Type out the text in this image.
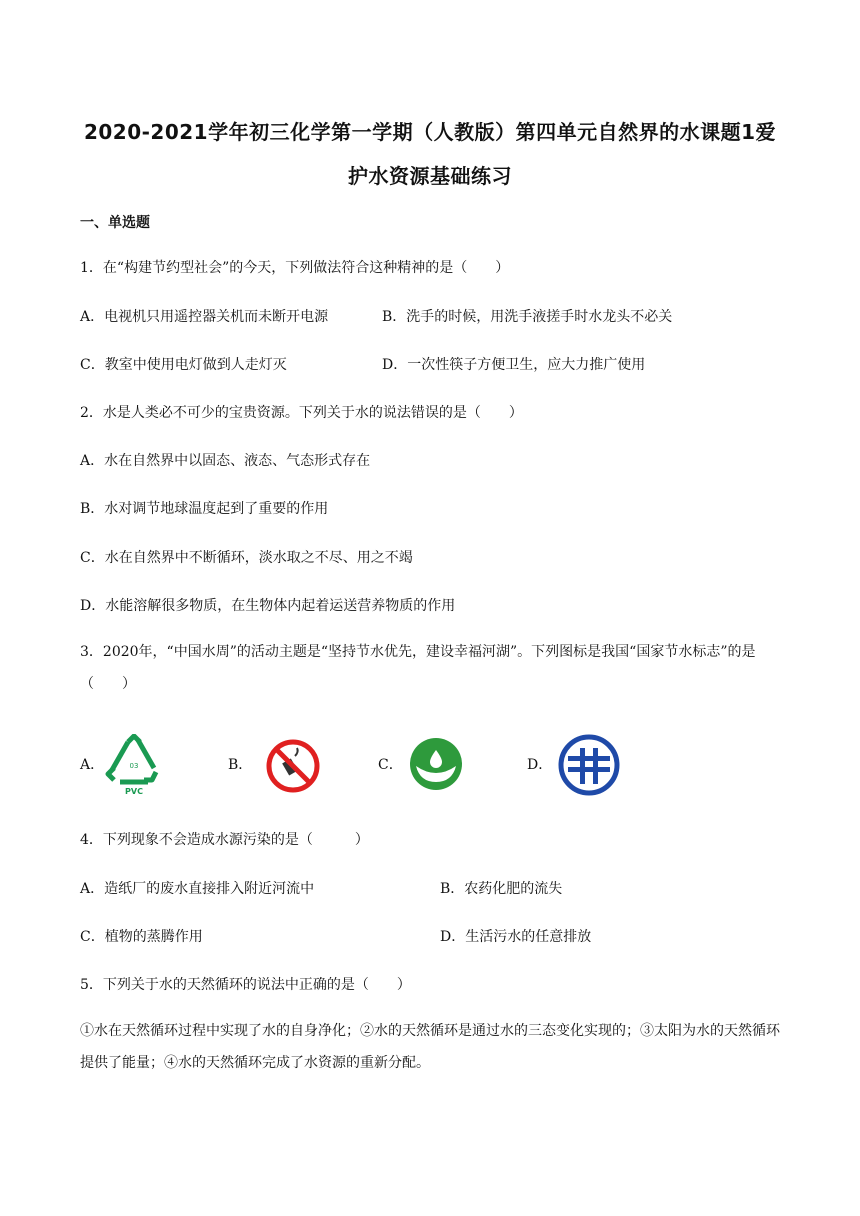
2020-2021学年初三化学第一学期（人教版）第四单元自然界的水课题1爱
护水资源基础练习
一、单选题
1．在“构建节约型社会”的今天，下列做法符合这种精神的是（　　）
A．电视机只用遥控器关机而未断开电源	B．洗手的时候，用洗手液搓手时水龙头不必关
C．教室中使用电灯做到人走灯灭	D．一次性筷子方便卫生，应大力推广使用
2．水是人类必不可少的宝贵资源。下列关于水的说法错误的是（　　）
A．水在自然界中以固态、液态、气态形式存在
B．水对调节地球温度起到了重要的作用
C．水在自然界中不断循环，淡水取之不尽、用之不竭
D．水能溶解很多物质，在生物体内起着运送营养物质的作用
3．2020年，“中国水周”的活动主题是“坚持节水优先，建设幸福河湖”。下列图标是我国“国家节水标志”的是（　　）
A．	03
PVC
B．	C．	D．
4．下列现象不会造成水源污染的是（　　　）
A．造纸厂的废水直接排入附近河流中	B．农药化肥的流失
C．植物的蒸腾作用	D．生活污水的任意排放
5．下列关于水的天然循环的说法中正确的是（　　）
①水在天然循环过程中实现了水的自身净化；②水的天然循环是通过水的三态变化实现的；③太阳为水的天然循环提供了能量；④水的天然循环完成了水资源的重新分配。
